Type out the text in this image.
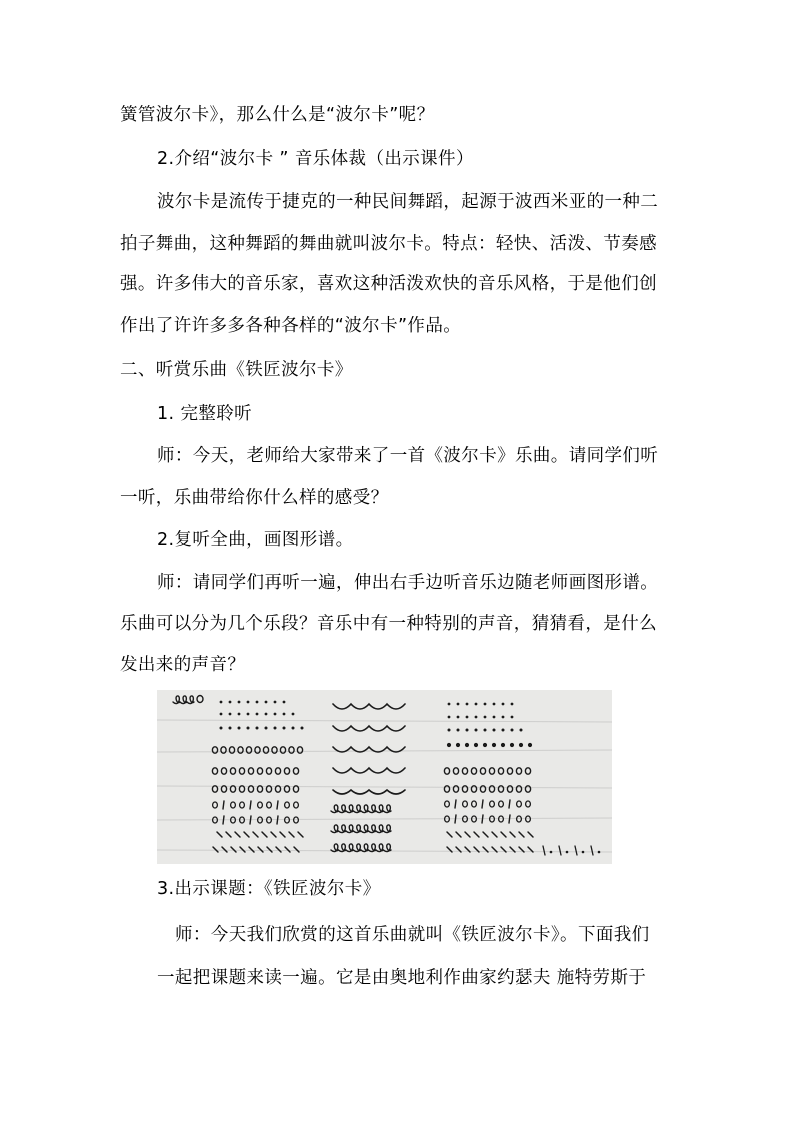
簧管波尔卡》，那么什么是“波尔卡”呢？

2.介绍“波尔卡 ” 音乐体裁（出示课件）

波尔卡是流传于捷克的一种民间舞蹈，起源于波西米亚的一种二

拍子舞曲，这种舞蹈的舞曲就叫波尔卡。特点：轻快、活泼、节奏感

强。许多伟大的音乐家，喜欢这种活泼欢快的音乐风格，于是他们创

作出了许许多多各种各样的“波尔卡”作品。

二、听赏乐曲《铁匠波尔卡》

1. 完整聆听

师：今天，老师给大家带来了一首《波尔卡》乐曲。请同学们听

一听，乐曲带给你什么样的感受？

2.复听全曲，画图形谱。

师：请同学们再听一遍，伸出右手边听音乐边随老师画图形谱。

乐曲可以分为几个乐段？音乐中有一种特别的声音，猜猜看，是什么

发出来的声音？

3.出示课题：《铁匠波尔卡》

师：今天我们欣赏的这首乐曲就叫《铁匠波尔卡》。下面我们

一起把课题来读一遍。它是由奥地利作曲家约瑟夫 施特劳斯于
